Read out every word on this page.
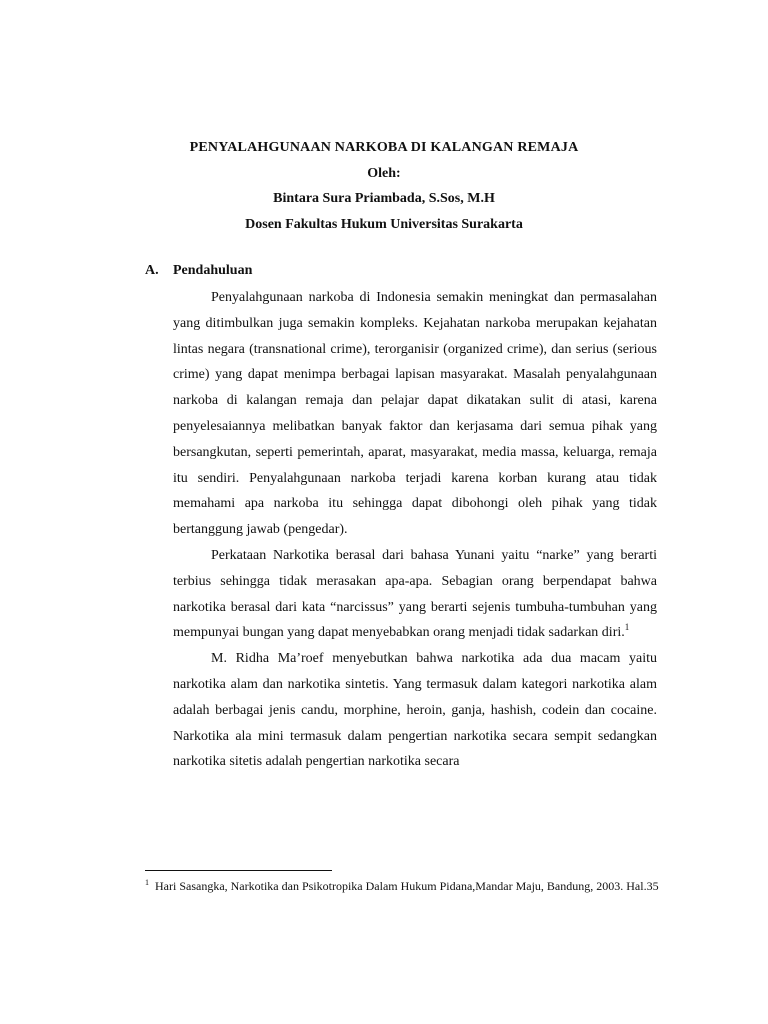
PENYALAHGUNAAN NARKOBA DI KALANGAN REMAJA
Oleh:
Bintara Sura Priambada, S.Sos, M.H
Dosen Fakultas Hukum Universitas Surakarta
A. Pendahuluan

Penyalahgunaan narkoba di Indonesia semakin meningkat dan permasalahan yang ditimbulkan juga semakin kompleks. Kejahatan narkoba merupakan kejahatan lintas negara (transnational crime), terorganisir (organized crime), dan serius (serious crime) yang dapat menimpa berbagai lapisan masyarakat. Masalah penyalahgunaan narkoba di kalangan remaja dan pelajar dapat dikatakan sulit di atasi, karena penyelesaiannya melibatkan banyak faktor dan kerjasama dari semua pihak yang bersangkutan, seperti pemerintah, aparat, masyarakat, media massa, keluarga, remaja itu sendiri. Penyalahgunaan narkoba terjadi karena korban kurang atau tidak memahami apa narkoba itu sehingga dapat dibohongi oleh pihak yang tidak bertanggung jawab (pengedar).

Perkataan Narkotika berasal dari bahasa Yunani yaitu “narke” yang berarti terbius sehingga tidak merasakan apa-apa. Sebagian orang berpendapat bahwa narkotika berasal dari kata “narcissus” yang berarti sejenis tumbuha-tumbuhan yang mempunyai bungan yang dapat menyebabkan orang menjadi tidak sadarkan diri.$^1$

M. Ridha Ma’roef menyebutkan bahwa narkotika ada dua macam yaitu narkotika alam dan narkotika sintetis. Yang termasuk dalam kategori narkotika alam adalah berbagai jenis candu, morphine, heroin, ganja, hashish, codein dan cocaine. Narkotika ala mini termasuk dalam pengertian narkotika secara sempit sedangkan narkotika sitetis adalah pengertian narkotika secara

$^1$ Hari Sasangka, Narkotika dan Psikotropika Dalam Hukum Pidana,Mandar Maju, Bandung, 2003. Hal.35
